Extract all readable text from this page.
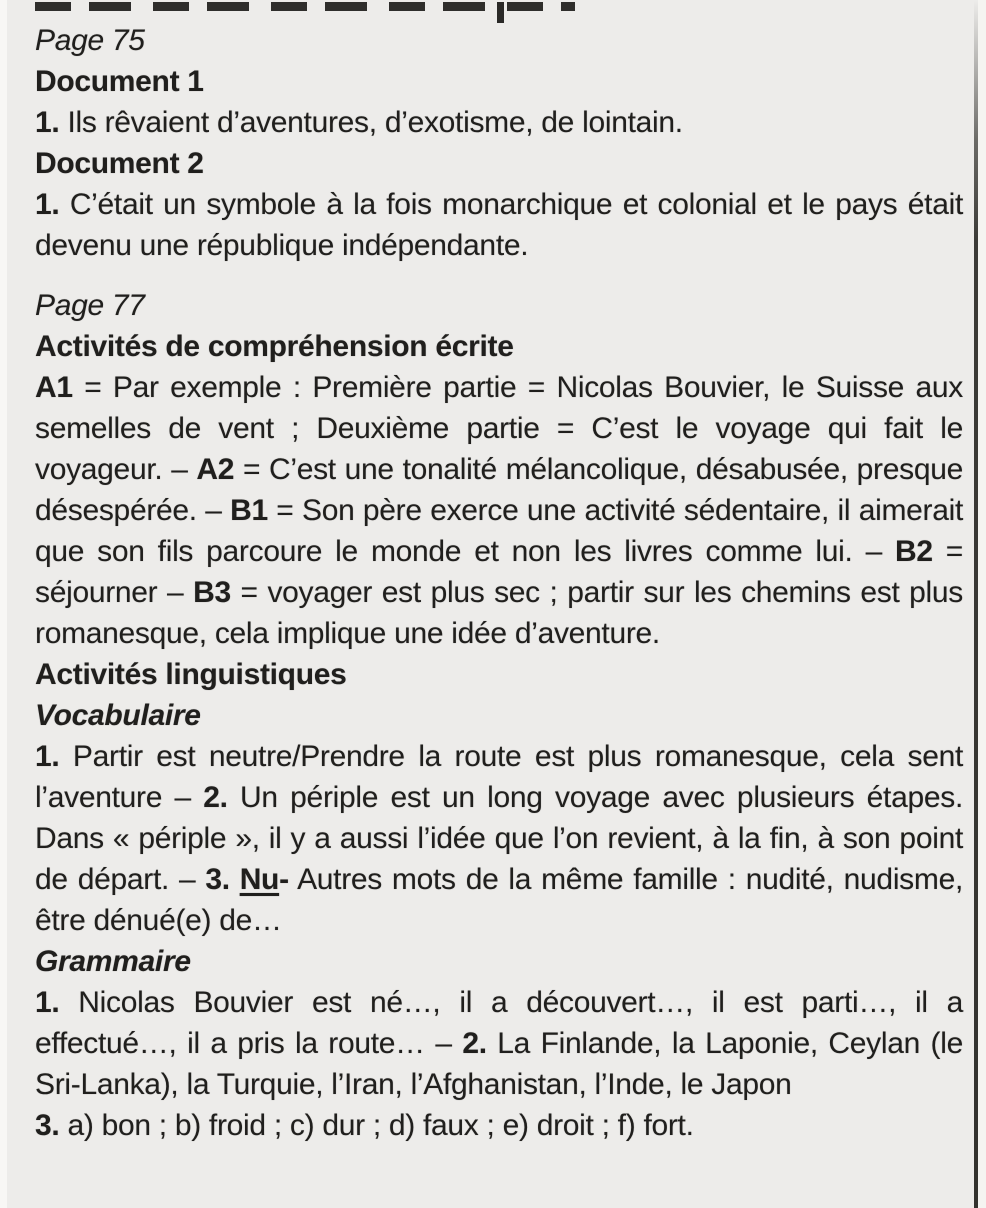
Page 75
Document 1
1. Ils rêvaient d’aventures, d’exotisme, de lointain.
Document 2
1. C’était un symbole à la fois monarchique et colonial et le pays était devenu une république indépendante.
Page 77
Activités de compréhension écrite
A1 = Par exemple : Première partie = Nicolas Bouvier, le Suisse aux semelles de vent ; Deuxième partie = C’est le voyage qui fait le voyageur. – A2 = C’est une tonalité mélancolique, désabusée, presque désespérée. – B1 = Son père exerce une activité sédentaire, il aimerait que son fils parcoure le monde et non les livres comme lui. – B2 = séjourner – B3 = voyager est plus sec ; partir sur les chemins est plus romanesque, cela implique une idée d’aventure.
Activités linguistiques
Vocabulaire
1. Partir est neutre/Prendre la route est plus romanesque, cela sent l’aventure – 2. Un périple est un long voyage avec plusieurs étapes. Dans « périple », il y a aussi l’idée que l’on revient, à la fin, à son point de départ. – 3. Nu- Autres mots de la même famille : nudité, nudisme, être dénué(e) de…
Grammaire
1. Nicolas Bouvier est né…, il a découvert…, il est parti…, il a effectué…, il a pris la route… – 2. La Finlande, la Laponie, Ceylan (le Sri-Lanka), la Turquie, l’Iran, l’Afghanistan, l’Inde, le Japon
3. a) bon ; b) froid ; c) dur ; d) faux ; e) droit ; f) fort.
